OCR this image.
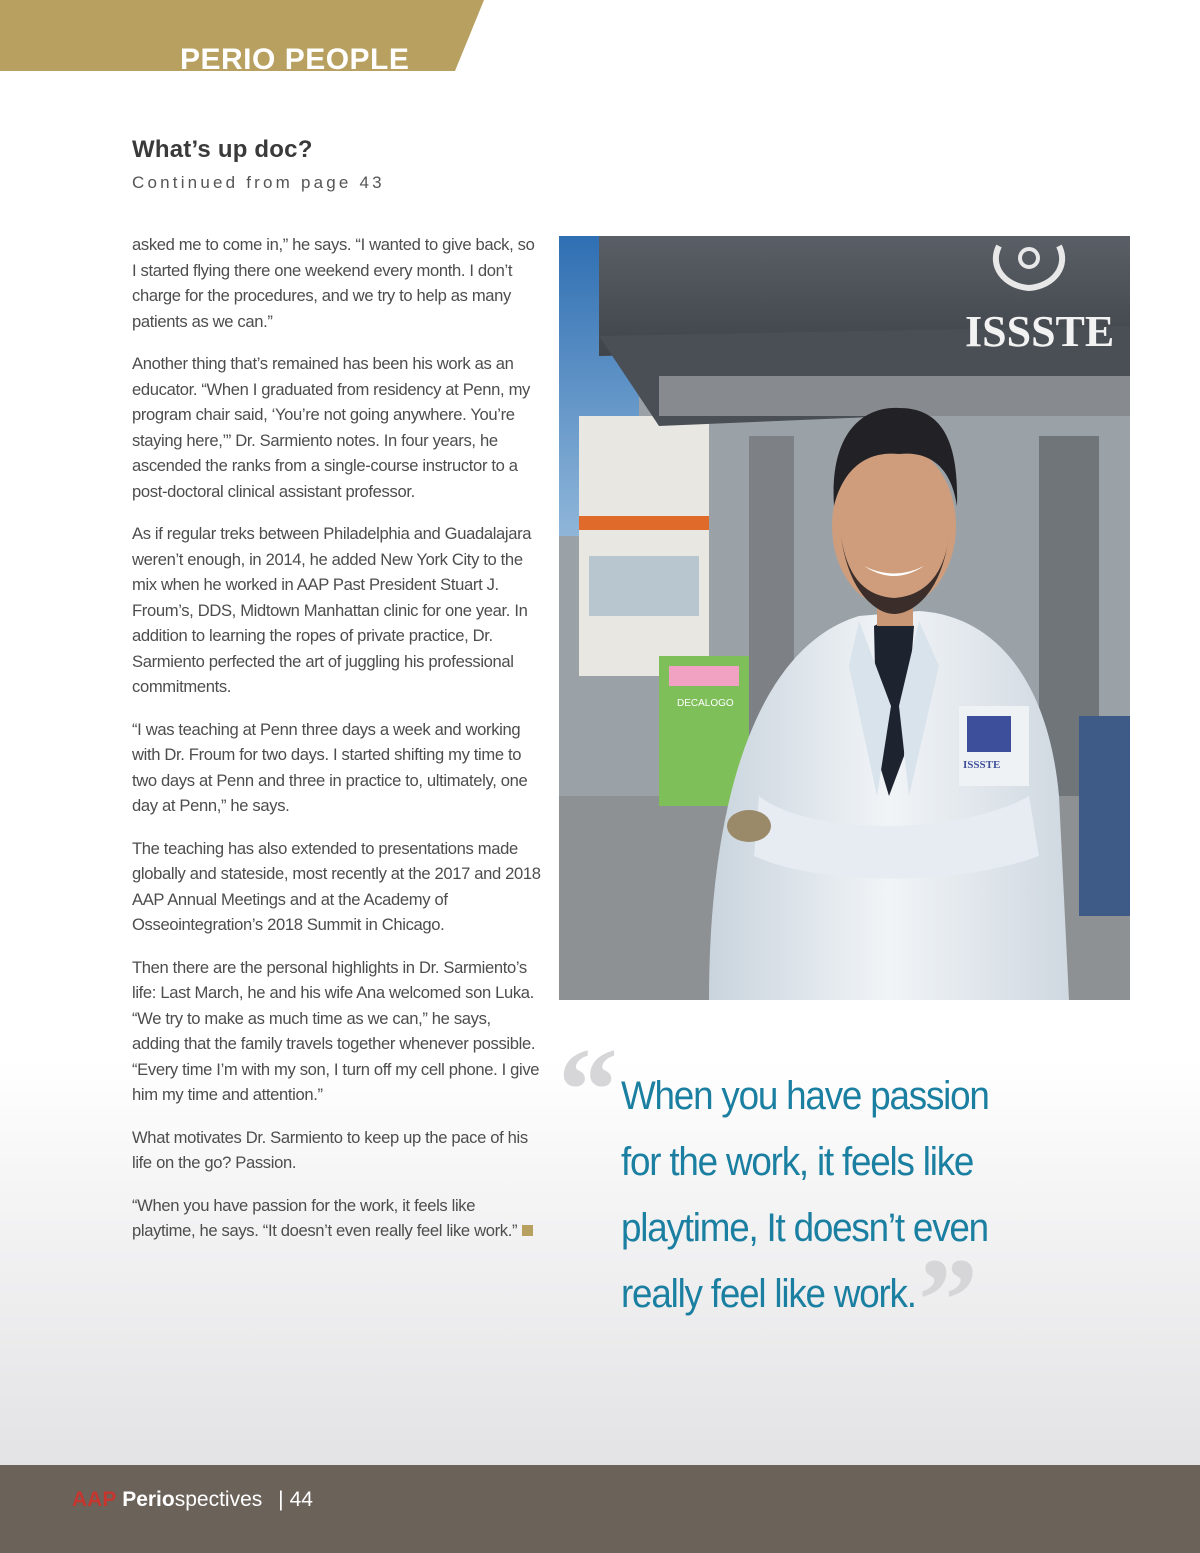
PERIO PEOPLE
What’s up doc?
Continued from page 43

asked me to come in,” he says. “I wanted to give back, so I started flying there one weekend every month. I don’t charge for the procedures, and we try to help as many patients as we can.”

Another thing that’s remained has been his work as an educator. “When I graduated from residency at Penn, my program chair said, ‘You’re not going anywhere. You’re staying here,’” Dr. Sarmiento notes. In four years, he ascended the ranks from a single-course instructor to a post-doctoral clinical assistant professor.

As if regular treks between Philadelphia and Guadalajara weren’t enough, in 2014, he added New York City to the mix when he worked in AAP Past President Stuart J. Froum’s, DDS, Midtown Manhattan clinic for one year. In addition to learning the ropes of private practice, Dr. Sarmiento perfected the art of juggling his professional commitments.

“I was teaching at Penn three days a week and working with Dr. Froum for two days. I started shifting my time to two days at Penn and three in practice to, ultimately, one day at Penn,” he says.

The teaching has also extended to presentations made globally and stateside, most recently at the 2017 and 2018 AAP Annual Meetings and at the Academy of Osseointegration’s 2018 Summit in Chicago.

Then there are the personal highlights in Dr. Sarmiento’s life: Last March, he and his wife Ana welcomed son Luka. “We try to make as much time as we can,” he says, adding that the family travels together whenever possible. “Every time I’m with my son, I turn off my cell phone. I give him my time and attention.”

What motivates Dr. Sarmiento to keep up the pace of his life on the go? Passion.

“When you have passion for the work, it feels like playtime, he says. “It doesn’t even really feel like work.”

ISSSTE
ISSSTE
DECALOGO
“ When you have passion for the work, it feels like playtime, It doesn’t even really feel like work. ”
AAP Periospectives | 44
